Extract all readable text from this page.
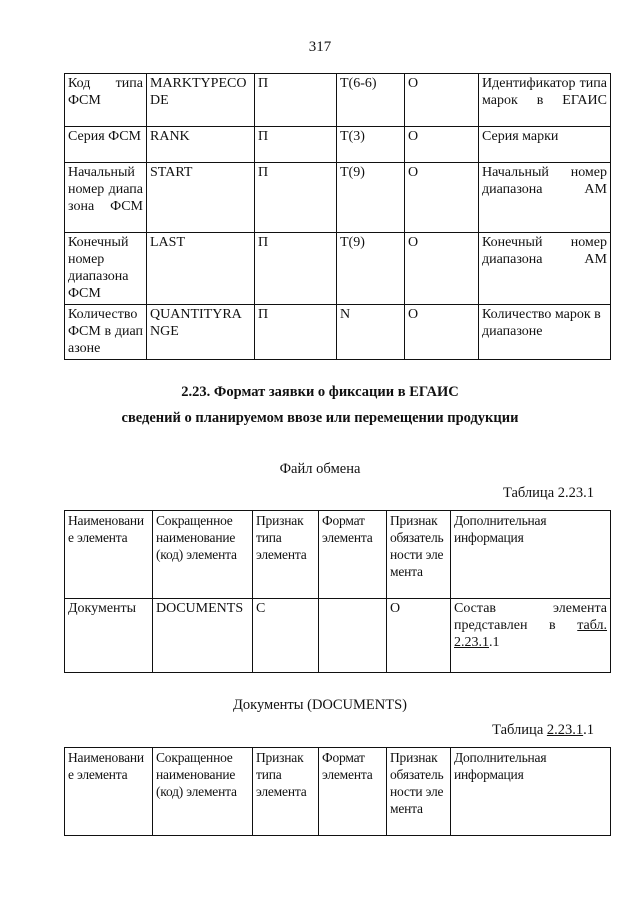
317
Код типа ФСМ	MARKTYPECODE	П	Т(6-6)	О	Идентификатор типа марок в ЕГАИС
Серия ФСМ	RANK	П	Т(3)	О	Серия марки
Начальный номер диапазона ФСМ	START	П	Т(9)	О	Начальный номер диапазона АМ
Конечный номер диапазона ФСМ	LAST	П	Т(9)	О	Конечный номер диапазона АМ
Количество ФСМ в диапазоне	QUANTITYRANGE	П	N	О	Количество марок в диапазоне
2.23. Формат заявки о фиксации в ЕГАИС
сведений о планируемом ввозе или перемещении продукции
Файл обмена
Таблица 2.23.1
Наименование элемента	Сокращенное наименование (код) элемента	Признак типа элемента	Формат элемента	Признак обязательности элемента	Дополнительная информация
Документы	DOCUMENTS	С		О	Состав элемента представлен в табл. 2.23.1.1
Документы (DOCUMENTS)
Таблица 2.23.1.1
Наименование элемента	Сокращенное наименование (код) элемента	Признак типа элемента	Формат элемента	Признак обязательности элемента	Дополнительная информация
